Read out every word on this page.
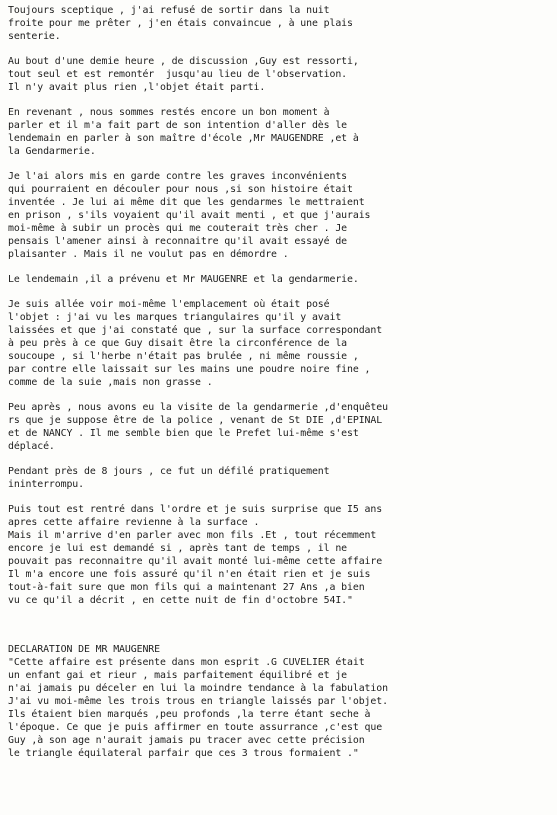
Toujours sceptique , j'ai refusé de sortir dans la nuit
froite pour me prêter , j'en étais convaincue , à une plais
senterie.
Au bout d'une demie heure , de discussion ,Guy est ressorti,
tout seul et est remontér  jusqu'au lieu de l'observation.
Il n'y avait plus rien ,l'objet était parti.
En revenant , nous sommes restés encore un bon moment à
parler et il m'a fait part de son intention d'aller dès le
lendemain en parler à son maître d'école ,Mr MAUGENDRE ,et à
la Gendarmerie.
Je l'ai alors mis en garde contre les graves inconvénients
qui pourraient en découler pour nous ,si son histoire était
inventée . Je lui ai même dit que les gendarmes le mettraient
en prison , s'ils voyaient qu'il avait menti , et que j'aurais
moi-même à subir un procès qui me couterait très cher . Je
pensais l'amener ainsi à reconnaitre qu'il avait essayé de
plaisanter . Mais il ne voulut pas en démordre .
Le lendemain ,il a prévenu et Mr MAUGENRE et la gendarmerie.
Je suis allée voir moi-même l'emplacement où était posé
l'objet : j'ai vu les marques triangulaires qu'il y avait
laissées et que j'ai constaté que , sur la surface correspondant
à peu près à ce que Guy disait être la circonférence de la
soucoupe , si l'herbe n'était pas brulée , ni même roussie ,
par contre elle laissait sur les mains une poudre noire fine ,
comme de la suie ,mais non grasse .
Peu après , nous avons eu la visite de la gendarmerie ,d'enquêteu
rs que je suppose être de la police , venant de St DIE ,d'EPINAL
et de NANCY . Il me semble bien que le Prefet lui-même s'est
déplacé.
Pendant près de 8 jours , ce fut un défilé pratiquement
ininterrompu.
Puis tout est rentré dans l'ordre et je suis surprise que I5 ans
apres cette affaire revienne à la surface .
Mais il m'arrive d'en parler avec mon fils .Et , tout récemment
encore je lui est demandé si , après tant de temps , il ne
pouvait pas reconnaitre qu'il avait monté lui-même cette affaire
Il m'a encore une fois assuré qu'il n'en était rien et je suis
tout-à-fait sure que mon fils qui a maintenant 27 Ans ,a bien
vu ce qu'il a décrit , en cette nuit de fin d'octobre 54I."
DECLARATION DE MR MAUGENRE
"Cette affaire est présente dans mon esprit .G CUVELIER était
un enfant gai et rieur , mais parfaitement équilibré et je
n'ai jamais pu déceler en lui la moindre tendance à la fabulation
J'ai vu moi-même les trois trous en triangle laissés par l'objet.
Ils étaient bien marqués ,peu profonds ,la terre étant seche à
l'époque. Ce que je puis affirmer en toute assurrance ,c'est que
Guy ,à son age n'aurait jamais pu tracer avec cette précision
le triangle équilateral parfair que ces 3 trous formaient ."
